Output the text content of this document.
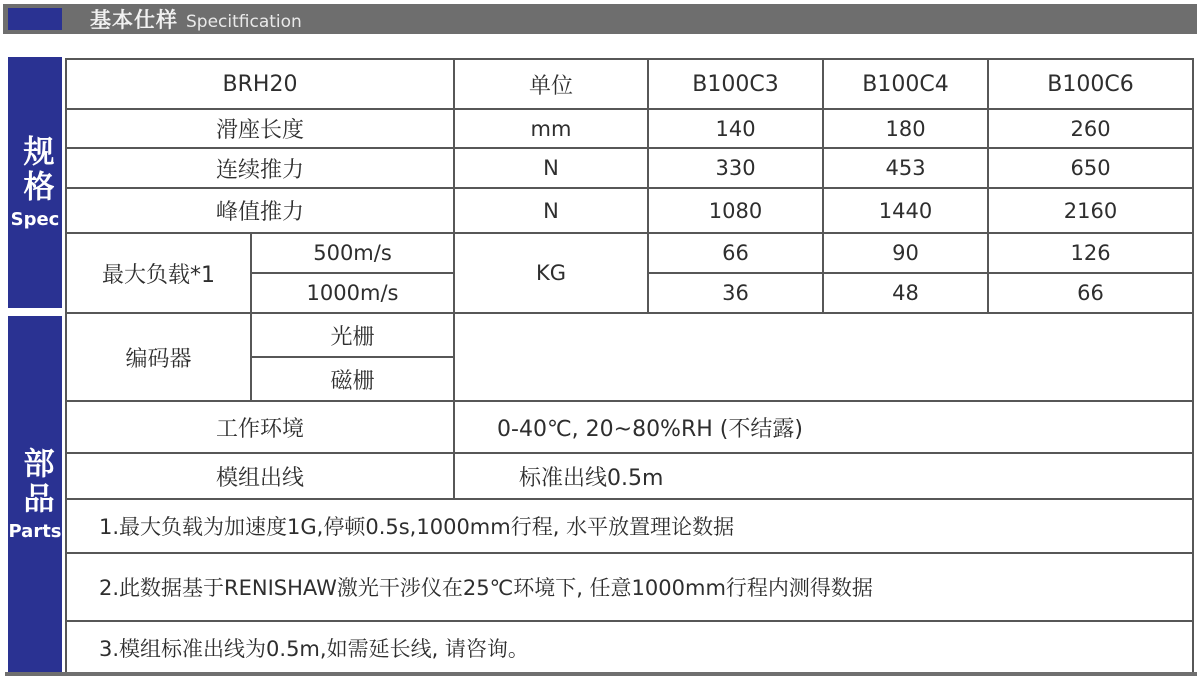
基本仕样 Specitfication
规格
Spec
部品
Parts
BRH20		单位	B100C3	B100C4	B100C6
滑座长度		mm	140	180	260
连续推力		N	330	453	650
峰值推力		N	1080	1440	2160
最大负载*1	500m/s	KG	66	90	126
	1000m/s		36	48	66
编码器	光栅				
	磁栅				
工作环境		0-40℃, 20~80%RH (不结露)			
模组出线		标准出线0.5m			
1.最大负载为加速度1G,停顿0.5s,1000mm行程, 水平放置理论数据					
2.此数据基于RENISHAW激光干涉仪在25℃环境下, 任意1000mm行程内测得数据					
3.模组标准出线为0.5m,如需延长线, 请咨询。					
